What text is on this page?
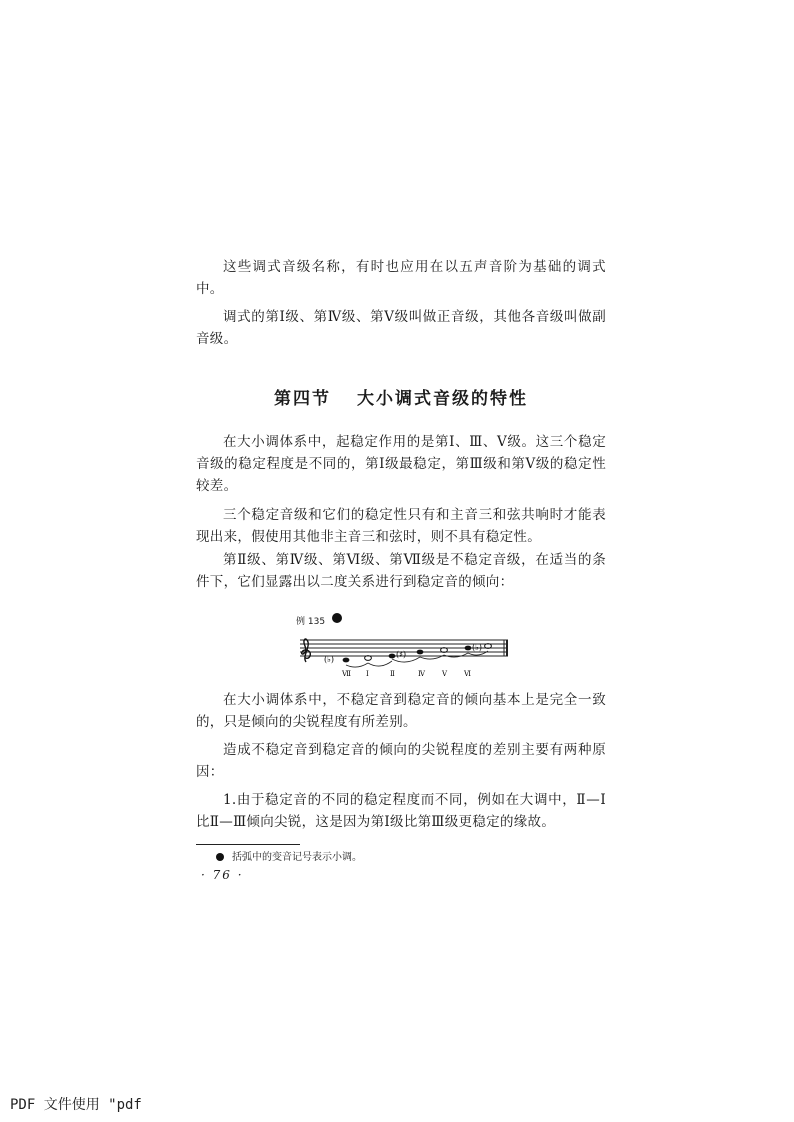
这些调式音级名称，有时也应用在以五声音阶为基础的调式中。

调式的第Ⅰ级、第Ⅳ级、第Ⅴ级叫做正音级，其他各音级叫做副音级。

第四节 大小调式音级的特性

在大小调体系中，起稳定作用的是第Ⅰ、Ⅲ、Ⅴ级。这三个稳定音级的稳定程度是不同的，第Ⅰ级最稳定，第Ⅲ级和第Ⅴ级的稳定性较差。

三个稳定音级和它们的稳定性只有和主音三和弦共响时才能表现出来，假使用其他非主音三和弦时，则不具有稳定性。

第Ⅱ级、第Ⅳ级、第Ⅵ级、第Ⅶ级是不稳定音级，在适当的条件下，它们显露出以二度关系进行到稳定音的倾向：

例 135
(♭)
(♯)
(♭)
Ⅶ Ⅰ	Ⅱ	Ⅳ Ⅴ Ⅵ

在大小调体系中，不稳定音到稳定音的倾向基本上是完全一致的，只是倾向的尖锐程度有所差别。

造成不稳定音到稳定音的倾向的尖锐程度的差别主要有两种原因：

1.由于稳定音的不同的稳定程度而不同，例如在大调中，Ⅱ—Ⅰ比Ⅱ—Ⅲ倾向尖锐，这是因为第Ⅰ级比第Ⅲ级更稳定的缘故。

括弧中的变音记号表示小调。
· 76 ·
PDF 文件使用 "pdf
